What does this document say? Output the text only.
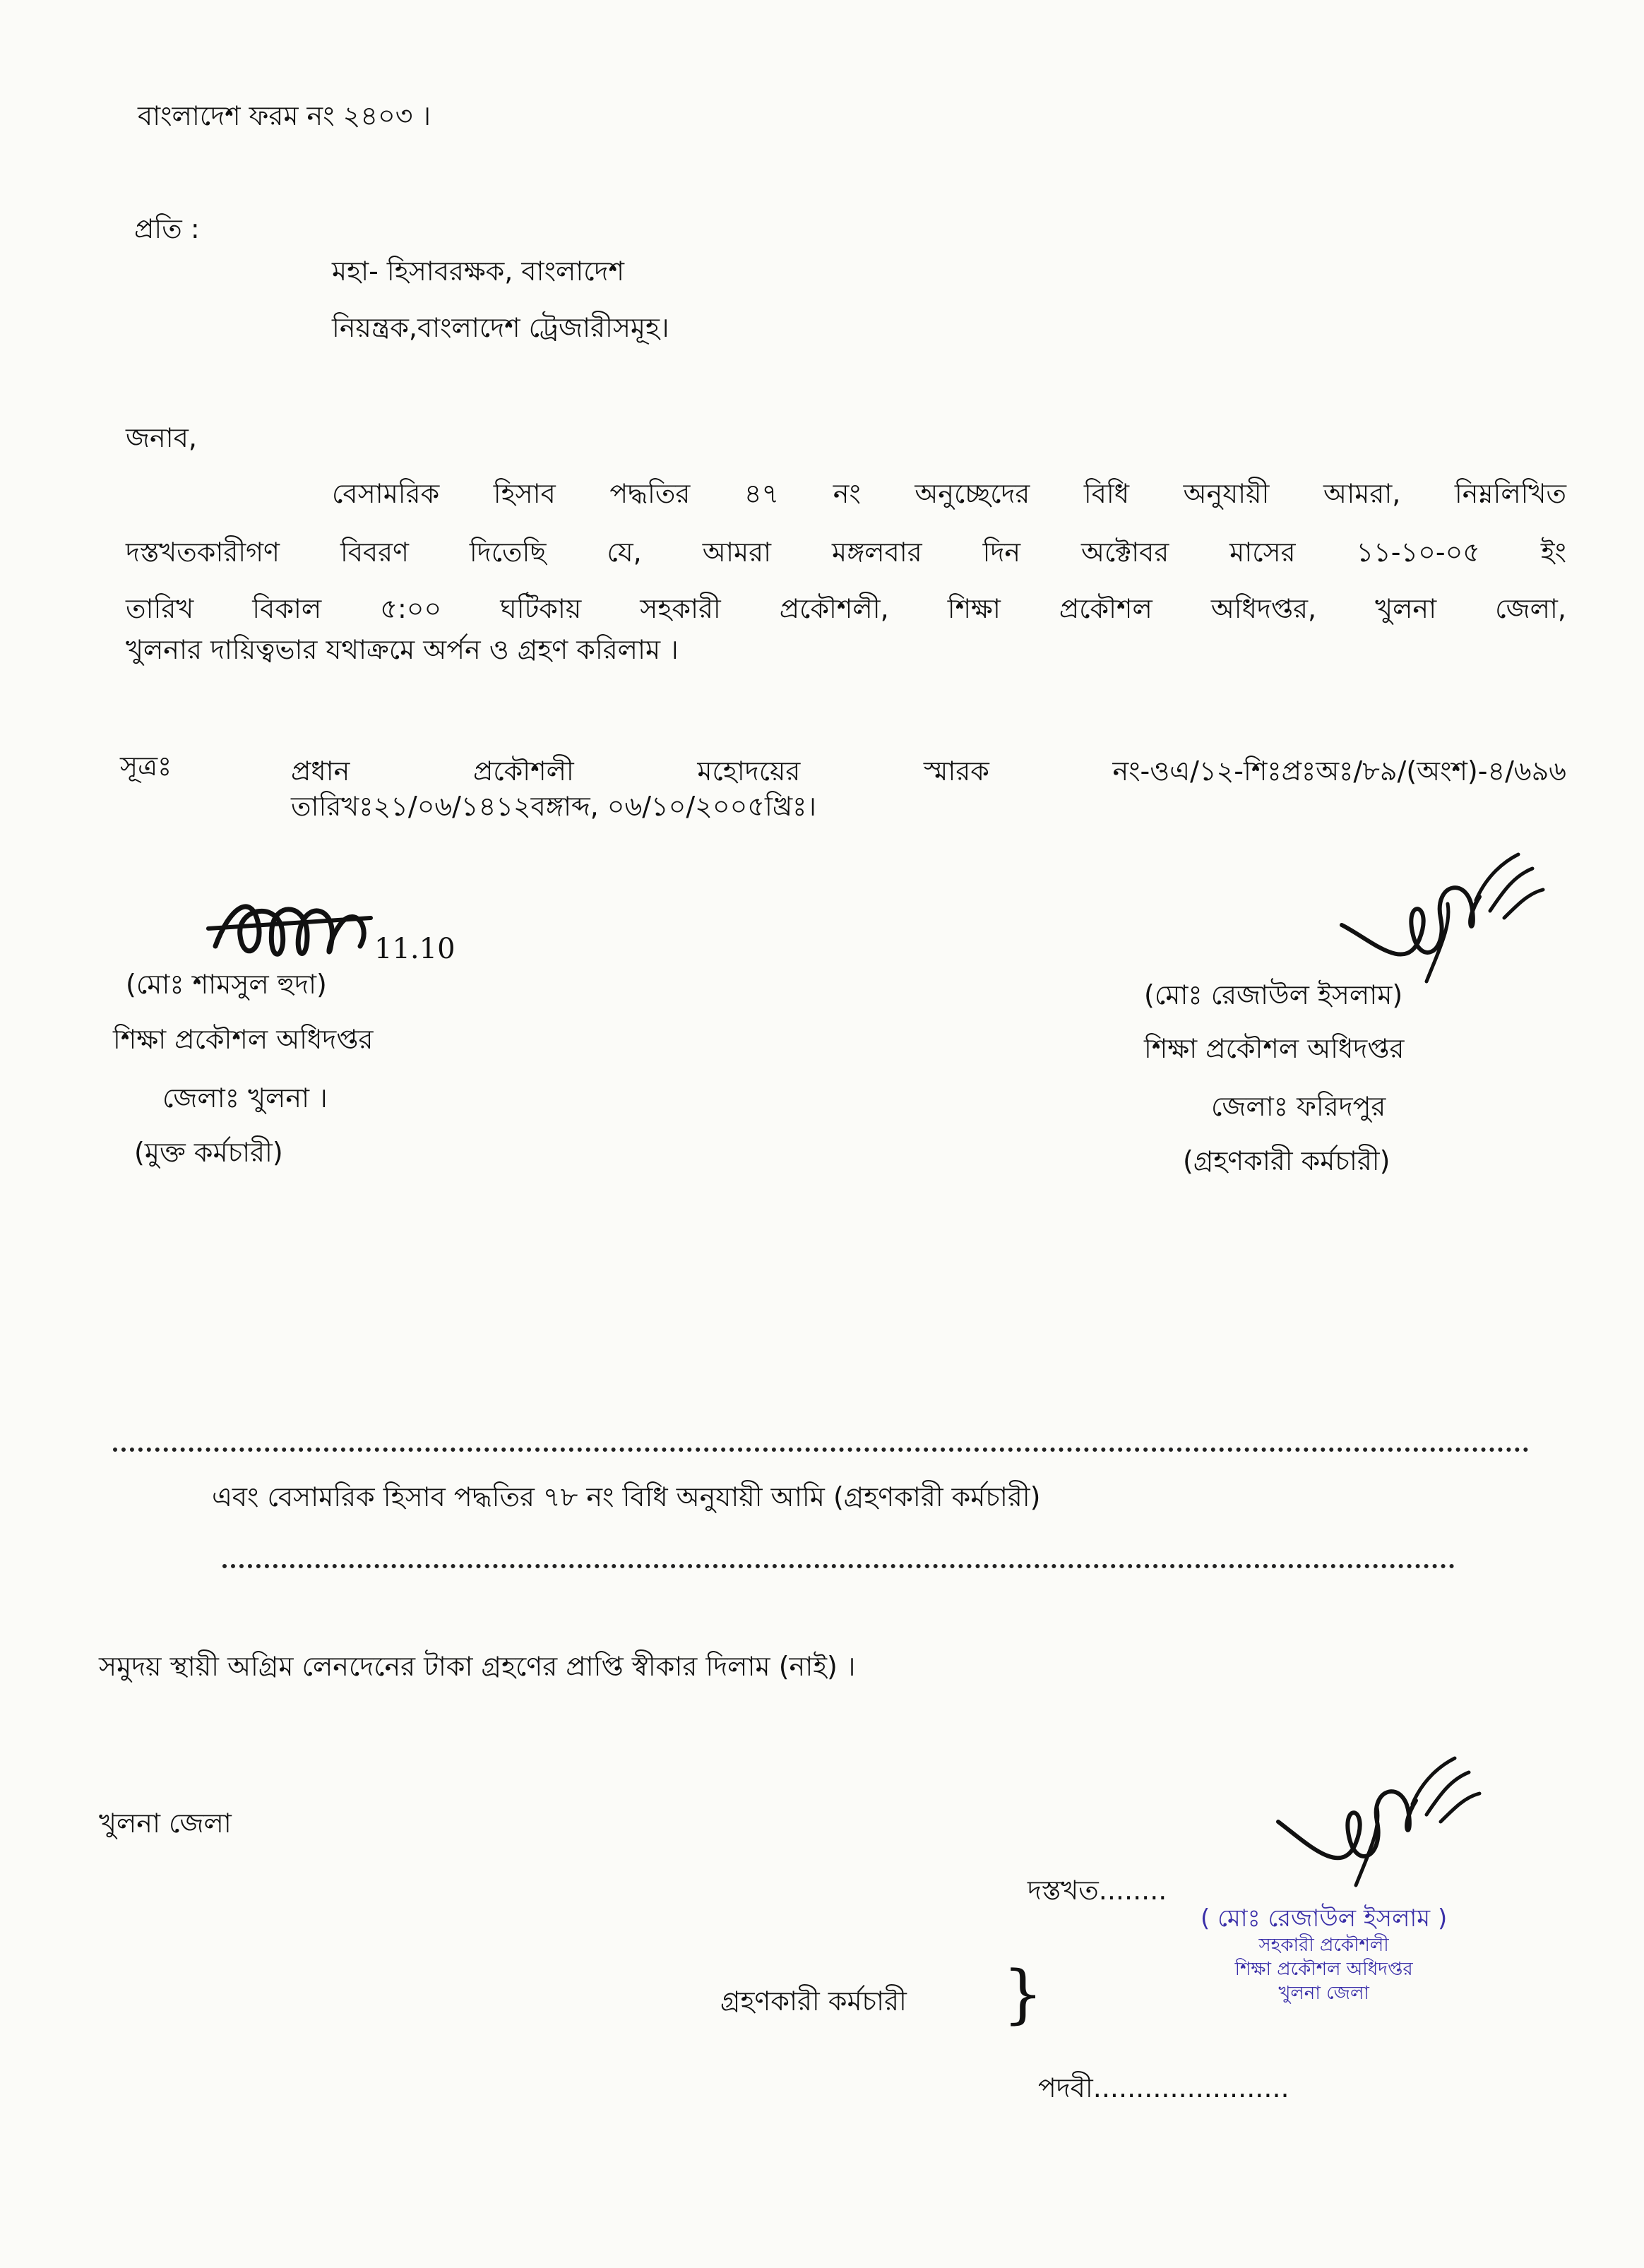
বাংলাদেশ ফরম নং ২৪০৩ ।
প্রতি :
মহা- হিসাবরক্ষক, বাংলাদেশ
নিয়ন্ত্রক,বাংলাদেশ ট্রেজারীসমূহ।
জনাব,
বেসামরিক হিসাব পদ্ধতির ৪৭ নং অনুচ্ছেদের বিধি অনুযায়ী আমরা, নিম্নলিখিত
দস্তখতকারীগণ বিবরণ দিতেছি যে, আমরা মঙ্গলবার দিন অক্টোবর মাসের ১১-১০-০৫ ইং
তারিখ বিকাল ৫:০০ ঘটিকায় সহকারী প্রকৌশলী, শিক্ষা প্রকৌশল অধিদপ্তর, খুলনা জেলা,
খুলনার দায়িত্বভার যথাক্রমে অর্পন ও গ্রহণ করিলাম ।
সূত্রঃ	প্রধান প্রকৌশলী মহোদয়ের স্মারক নং-ওএ/১২-শিঃপ্রঃঅঃ/৮৯/(অংশ)-৪/৬৯৬
তারিখঃ২১/০৬/১৪১২বঙ্গাব্দ, ০৬/১০/২০০৫খ্রিঃ।
11.10
(মোঃ শামসুল হুদা)
শিক্ষা প্রকৌশল অধিদপ্তর
জেলাঃ খুলনা ।
(মুক্ত কর্মচারী)
(মোঃ রেজাউল ইসলাম)
শিক্ষা প্রকৌশল অধিদপ্তর
জেলাঃ ফরিদপুর
(গ্রহণকারী কর্মচারী)
এবং বেসামরিক হিসাব পদ্ধতির ৭৮ নং বিধি অনুযায়ী আমি (গ্রহণকারী কর্মচারী)
সমুদয় স্থায়ী অগ্রিম লেনদেনের টাকা গ্রহণের প্রাপ্তি স্বীকার দিলাম (নাই) ।
খুলনা জেলা
দস্তখত........
( মোঃ রেজাউল ইসলাম )
সহকারী প্রকৌশলী
শিক্ষা প্রকৌশল অধিদপ্তর
খুলনা জেলা
গ্রহণকারী কর্মচারী }
পদবী.......................
